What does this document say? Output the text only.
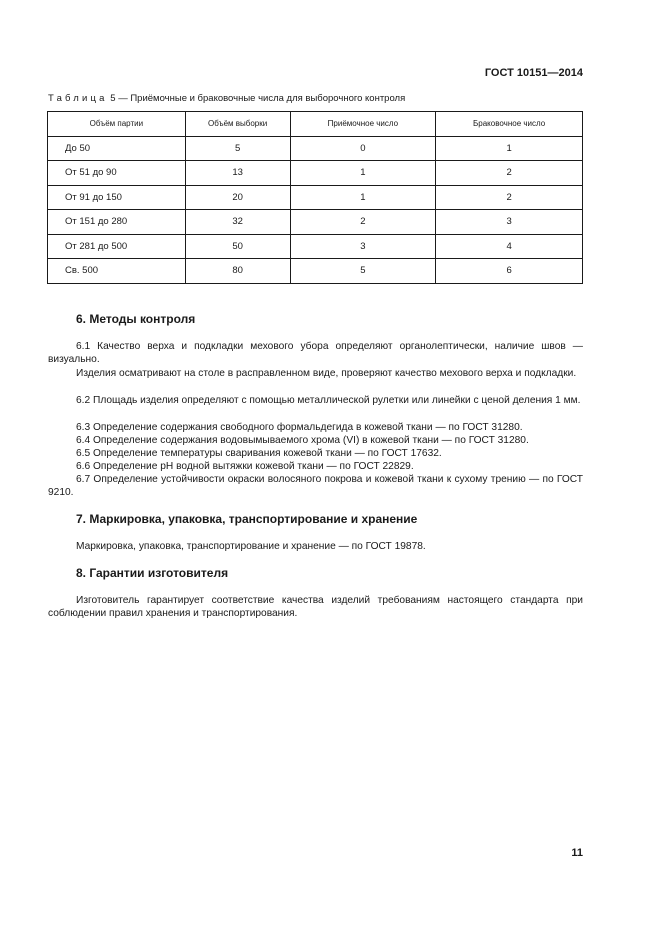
ГОСТ 10151—2014
Таблица 5 — Приёмочные и браковочные числа для выборочного контроля
Объём партии	Объём выборки	Приёмочное число	Браковочное число
До 50	5	0	1
От 51 до 90	13	1	2
От 91 до 150	20	1	2
От 151 до 280	32	2	3
От 281 до 500	50	3	4
Св. 500	80	5	6
6. Методы контроля

6.1 Качество верха и подкладки мехового убора определяют органолептически, наличие швов — визуально.

Изделия осматривают на столе в расправленном виде, проверяют качество мехового верха и подкладки.

6.2 Площадь изделия определяют с помощью металлической рулетки или линейки с ценой деления 1 мм.

6.3 Определение содержания свободного формальдегида в кожевой ткани — по ГОСТ 31280.

6.4 Определение содержания водовымываемого хрома (VI) в кожевой ткани — по ГОСТ 31280.

6.5 Определение температуры сваривания кожевой ткани — по ГОСТ 17632.

6.6 Определение pH водной вытяжки кожевой ткани — по ГОСТ 22829.

6.7 Определение устойчивости окраски волосяного покрова и кожевой ткани к сухому трению — по ГОСТ 9210.

7. Маркировка, упаковка, транспортирование и хранение

Маркировка, упаковка, транспортирование и хранение — по ГОСТ 19878.

8. Гарантии изготовителя

Изготовитель гарантирует соответствие качества изделий требованиям настоящего стандарта при соблюдении правил хранения и транспортирования.

11
